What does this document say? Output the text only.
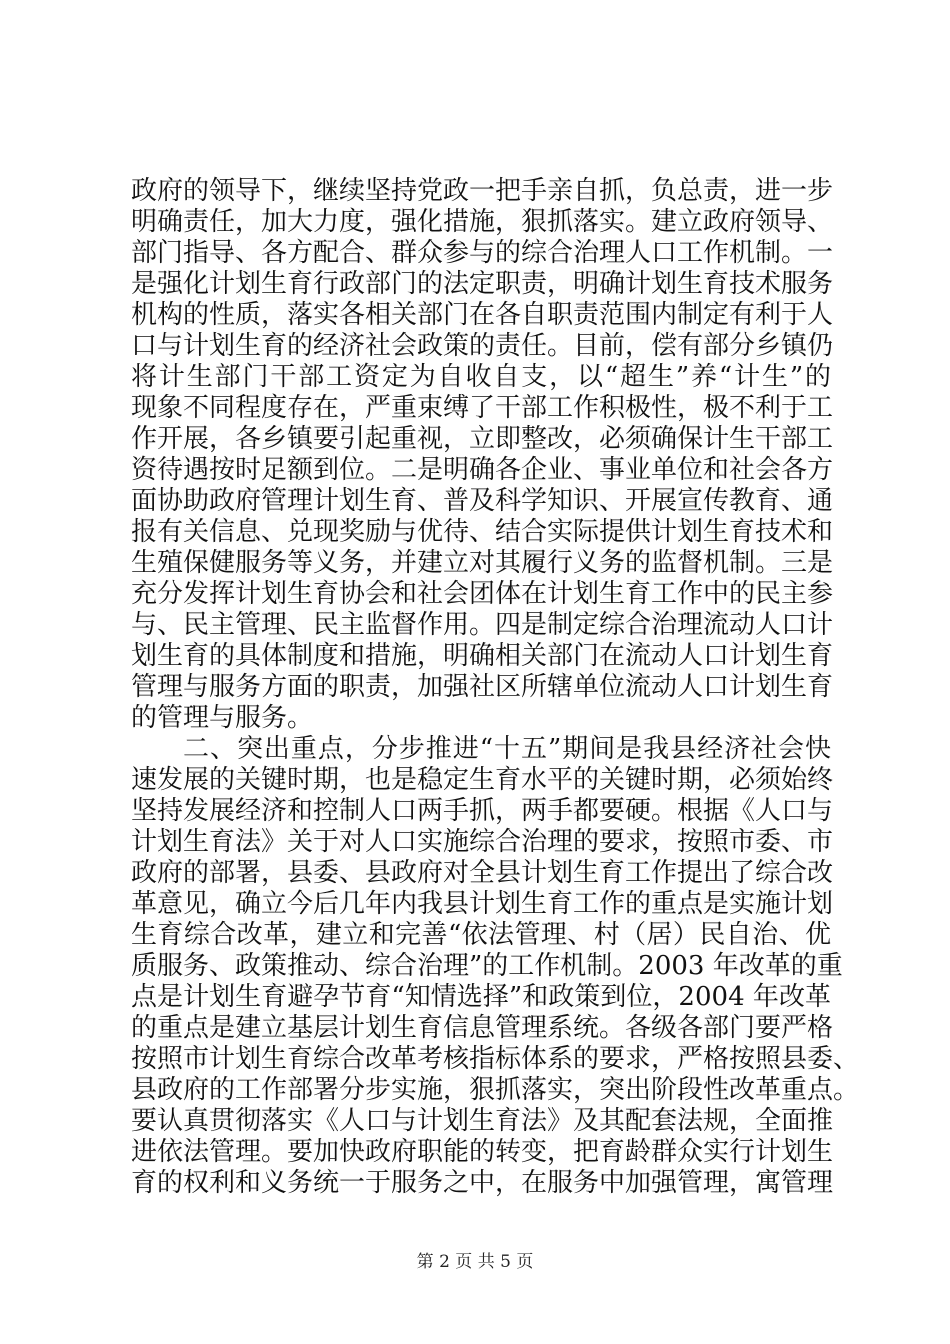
政府的领导下，继续坚持党政一把手亲自抓，负总责，进一步
明确责任，加大力度，强化措施，狠抓落实。建立政府领导、
部门指导、各方配合、群众参与的综合治理人口工作机制。一
是强化计划生育行政部门的法定职责，明确计划生育技术服务
机构的性质，落实各相关部门在各自职责范围内制定有利于人
口与计划生育的经济社会政策的责任。目前，偿有部分乡镇仍
将计生部门干部工资定为自收自支，以“超生”养“计生”的
现象不同程度存在，严重束缚了干部工作积极性，极不利于工
作开展，各乡镇要引起重视，立即整改，必须确保计生干部工
资待遇按时足额到位。二是明确各企业、事业单位和社会各方
面协助政府管理计划生育、普及科学知识、开展宣传教育、通
报有关信息、兑现奖励与优待、结合实际提供计划生育技术和
生殖保健服务等义务，并建立对其履行义务的监督机制。三是
充分发挥计划生育协会和社会团体在计划生育工作中的民主参
与、民主管理、民主监督作用。四是制定综合治理流动人口计
划生育的具体制度和措施，明确相关部门在流动人口计划生育
管理与服务方面的职责，加强社区所辖单位流动人口计划生育
的管理与服务。
二、突出重点，分步推进“十五”期间是我县经济社会快
速发展的关键时期，也是稳定生育水平的关键时期，必须始终
坚持发展经济和控制人口两手抓，两手都要硬。根据《人口与
计划生育法》关于对人口实施综合治理的要求，按照市委、市
政府的部署，县委、县政府对全县计划生育工作提出了综合改
革意见，确立今后几年内我县计划生育工作的重点是实施计划
生育综合改革，建立和完善“依法管理、村（居）民自治、优
质服务、政策推动、综合治理”的工作机制。2003 年改革的重
点是计划生育避孕节育“知情选择”和政策到位，2004 年改革
的重点是建立基层计划生育信息管理系统。各级各部门要严格
按照市计划生育综合改革考核指标体系的要求，严格按照县委、
县政府的工作部署分步实施，狠抓落实，突出阶段性改革重点。
要认真贯彻落实《人口与计划生育法》及其配套法规，全面推
进依法管理。要加快政府职能的转变，把育龄群众实行计划生
育的权利和义务统一于服务之中，在服务中加强管理，寓管理
第 2 页 共 5 页
